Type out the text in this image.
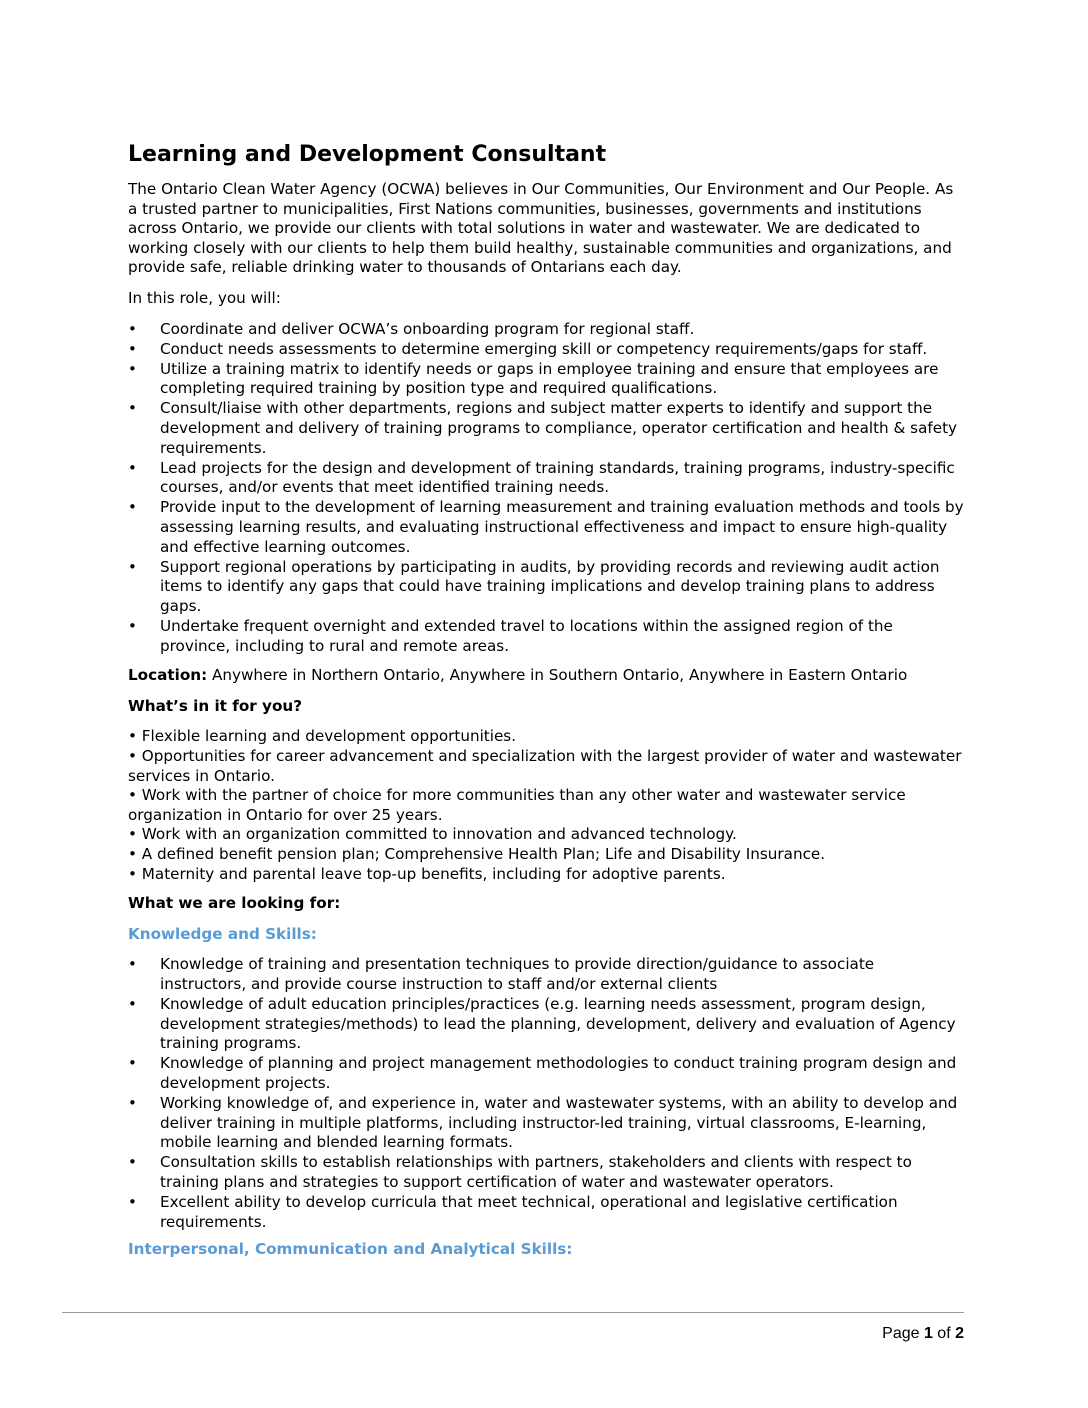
Learning and Development Consultant

The Ontario Clean Water Agency (OCWA) believes in Our Communities, Our Environment and Our People. As a trusted partner to municipalities, First Nations communities, businesses, governments and institutions across Ontario, we provide our clients with total solutions in water and wastewater. We are dedicated to working closely with our clients to help them build healthy, sustainable communities and organizations, and provide safe, reliable drinking water to thousands of Ontarians each day.

In this role, you will:

•	Coordinate and deliver OCWA’s onboarding program for regional staff.
•	Conduct needs assessments to determine emerging skill or competency requirements/gaps for staff.
•	Utilize a training matrix to identify needs or gaps in employee training and ensure that employees are completing required training by position type and required qualifications.
•	Consult/liaise with other departments, regions and subject matter experts to identify and support the development and delivery of training programs to compliance, operator certification and health & safety requirements.
•	Lead projects for the design and development of training standards, training programs, industry-specific courses, and/or events that meet identified training needs.
•	Provide input to the development of learning measurement and training evaluation methods and tools by assessing learning results, and evaluating instructional effectiveness and impact to ensure high-quality and effective learning outcomes.
•	Support regional operations by participating in audits, by providing records and reviewing audit action items to identify any gaps that could have training implications and develop training plans to address gaps.
•	Undertake frequent overnight and extended travel to locations within the assigned region of the province, including to rural and remote areas.

Location: Anywhere in Northern Ontario, Anywhere in Southern Ontario, Anywhere in Eastern Ontario

What’s in it for you?

• Flexible learning and development opportunities.

• Opportunities for career advancement and specialization with the largest provider of water and wastewater services in Ontario.

• Work with the partner of choice for more communities than any other water and wastewater service organization in Ontario for over 25 years.

• Work with an organization committed to innovation and advanced technology.

• A defined benefit pension plan; Comprehensive Health Plan; Life and Disability Insurance.

• Maternity and parental leave top-up benefits, including for adoptive parents.

What we are looking for:

Knowledge and Skills:

•	Knowledge of training and presentation techniques to provide direction/guidance to associate instructors, and provide course instruction to staff and/or external clients
•	Knowledge of adult education principles/practices (e.g. learning needs assessment, program design, development strategies/methods) to lead the planning, development, delivery and evaluation of Agency training programs.
•	Knowledge of planning and project management methodologies to conduct training program design and development projects.
•	Working knowledge of, and experience in, water and wastewater systems, with an ability to develop and deliver training in multiple platforms, including instructor-led training, virtual classrooms, E-learning, mobile learning and blended learning formats.
•	Consultation skills to establish relationships with partners, stakeholders and clients with respect to training plans and strategies to support certification of water and wastewater operators.
•	Excellent ability to develop curricula that meet technical, operational and legislative certification requirements.

Interpersonal, Communication and Analytical Skills:

Page 1 of 2
